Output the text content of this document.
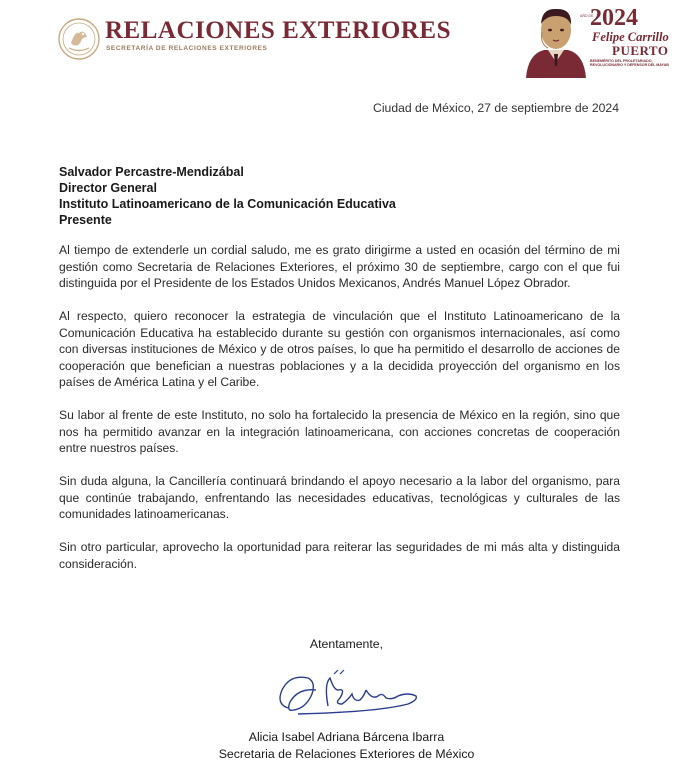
RELACIONES EXTERIORES
SECRETARÍA DE RELACIONES EXTERIORES
AÑO DE
2024
Felipe Carrillo
PUERTO
BENEMÉRITO DEL PROLETARIADO, REVOLUCIONARIO Y DEFENSOR DEL MAYAB
Ciudad de México, 27 de septiembre de 2024
Salvador Percastre-Mendizábal
Director General
Instituto Latinoamericano de la Comunicación Educativa
Presente

Al tiempo de extenderle un cordial saludo, me es grato dirigirme a usted en ocasión del término de mi gestión como Secretaria de Relaciones Exteriores, el próximo 30 de septiembre, cargo con el que fui distinguida por el Presidente de los Estados Unidos Mexicanos, Andrés Manuel López Obrador.

Al respecto, quiero reconocer la estrategia de vinculación que el Instituto Latinoamericano de la Comunicación Educativa ha establecido durante su gestión con organismos internacionales, así como con diversas instituciones de México y de otros países, lo que ha permitido el desarrollo de acciones de cooperación que benefician a nuestras poblaciones y a la decidida proyección del organismo en los países de América Latina y el Caribe.

Su labor al frente de este Instituto, no solo ha fortalecido la presencia de México en la región, sino que nos ha permitido avanzar en la integración latinoamericana, con acciones concretas de cooperación entre nuestros países.

Sin duda alguna, la Cancillería continuará brindando el apoyo necesario a la labor del organismo, para que continúe trabajando, enfrentando las necesidades educativas, tecnológicas y culturales de las comunidades latinoamericanas.

Sin otro particular, aprovecho la oportunidad para reiterar las seguridades de mi más alta y distinguida consideración.

Atentamente,
Alicia Isabel Adriana Bárcena Ibarra
Secretaria de Relaciones Exteriores de México
